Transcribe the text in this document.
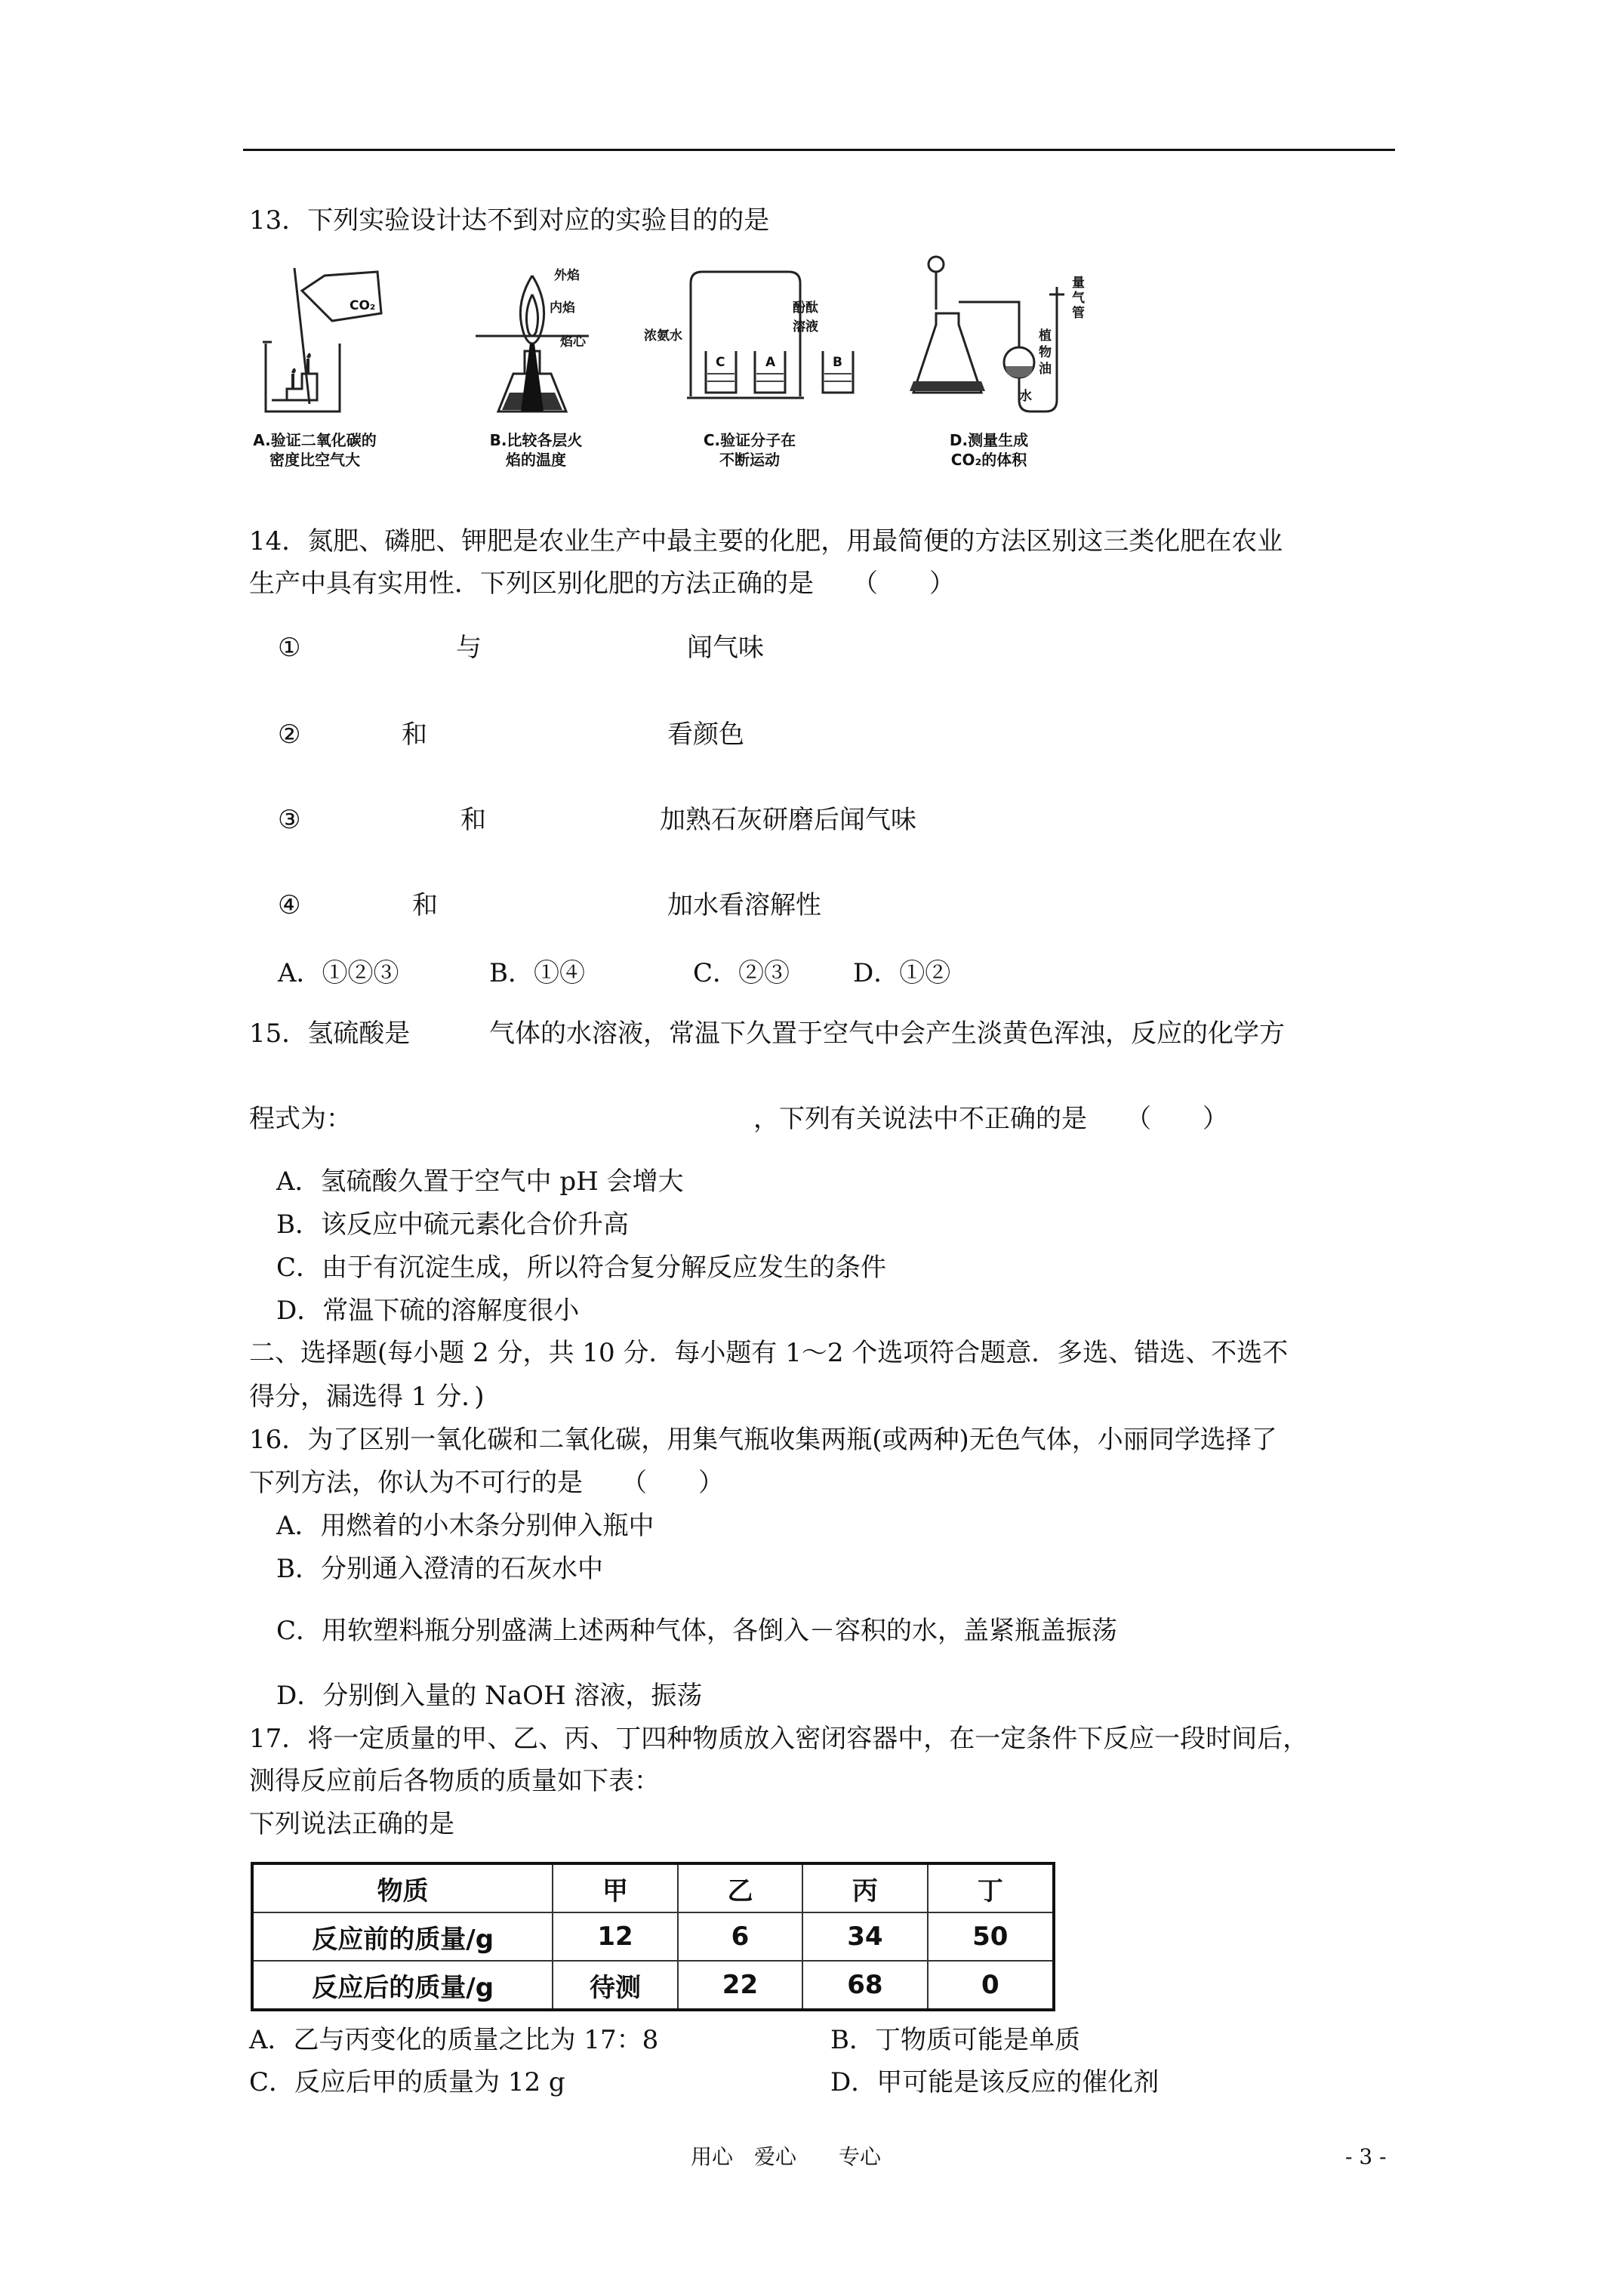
13．下列实验设计达不到对应的实验目的的是
CO₂
A.验证二氧化碳的
密度比空气大
外焰
内焰
焰心
B.比较各层火
焰的温度
浓氨水
酚酞
溶液
C	A	B
C.验证分子在
不断运动
量
气
管
植
物
油
水
D.测量生成
CO₂的体积
14．氮肥、磷肥、钾肥是农业生产中最主要的化肥，用最简便的方法区别这三类化肥在农业
生产中具有实用性．下列区别化肥的方法正确的是　　（　　）
①	与	闻气味
②	和	看颜色
③	和	加熟石灰研磨后闻气味
④	和	加水看溶解性
A．①②③	B．①④	C．②③ D．①②
15．氢硫酸是	气体的水溶液，常温下久置于空气中会产生淡黄色浑浊，反应的化学方
程式为：	，下列有关说法中不正确的是　　（　　）
A．氢硫酸久置于空气中 pH 会增大
B．该反应中硫元素化合价升高
C．由于有沉淀生成，所以符合复分解反应发生的条件
D．常温下硫的溶解度很小
二、选择题(每小题 2 分，共 10 分．每小题有 1～2 个选项符合题意．多选、错选、不选不
得分，漏选得 1 分．)
16．为了区别一氧化碳和二氧化碳，用集气瓶收集两瓶(或两种)无色气体，小丽同学选择了
下列方法，你认为不可行的是　　（　　）
A．用燃着的小木条分别伸入瓶中
B．分别通入澄清的石灰水中
C．用软塑料瓶分别盛满上述两种气体，各倒入－容积的水，盖紧瓶盖振荡
D．分别倒入量的 NaOH 溶液，振荡
17．将一定质量的甲、乙、丙、丁四种物质放入密闭容器中，在一定条件下反应一段时间后，
测得反应前后各物质的质量如下表：
下列说法正确的是
物质	甲	乙	丙	丁
反应前的质量/g	12	6	34	50
反应后的质量/g	待测	22	68	0
A．乙与丙变化的质量之比为 17：8	B．丁物质可能是单质
C．反应后甲的质量为 12 g	D．甲可能是该反应的催化剂
用心　爱心　　专心	- 3 -
